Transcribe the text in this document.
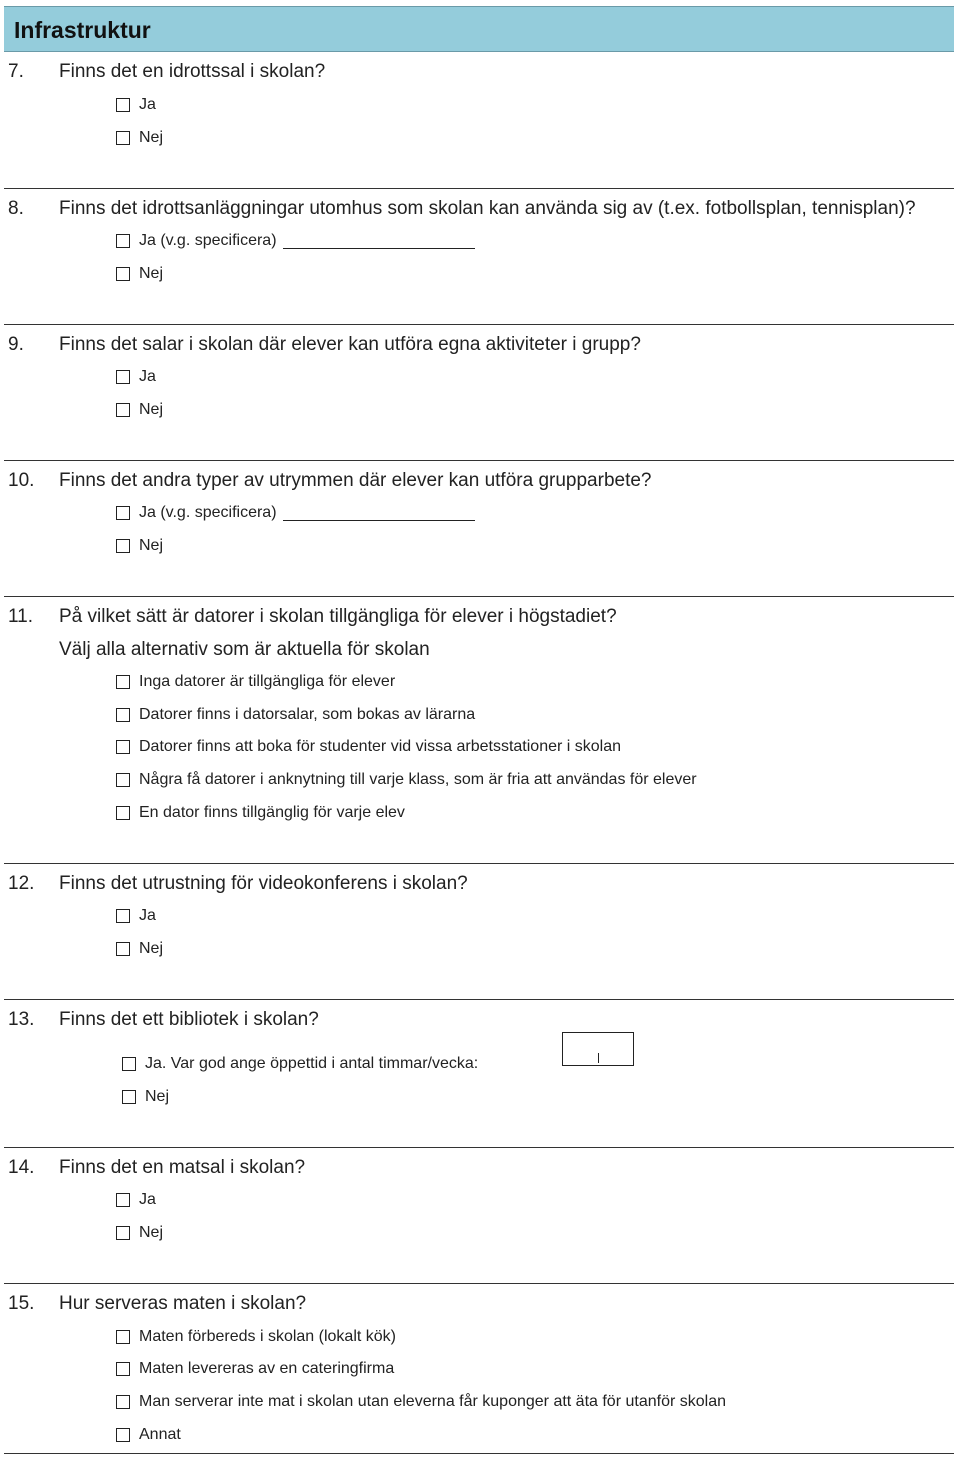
Infrastruktur
7. Finns det en idrottssal i skolan?
Ja
Nej
8. Finns det idrottsanläggningar utomhus som skolan kan använda sig av (t.ex. fotbollsplan, tennisplan)?
Ja (v.g. specificera)
Nej
9. Finns det salar i skolan där elever kan utföra egna aktiviteter i grupp?
Ja
Nej
10. Finns det andra typer av utrymmen där elever kan utföra grupparbete?
Ja (v.g. specificera)
Nej
11. På vilket sätt är datorer i skolan tillgängliga för elever i högstadiet?
Välj alla alternativ som är aktuella för skolan
Inga datorer är tillgängliga för elever
Datorer finns i datorsalar, som bokas av lärarna
Datorer finns att boka för studenter vid vissa arbetsstationer i skolan
Några få datorer i anknytning till varje klass, som är fria att användas för elever
En dator finns tillgänglig för varje elev
12. Finns det utrustning för videokonferens i skolan?
Ja
Nej
13. Finns det ett bibliotek i skolan?
Ja. Var god ange öppettid i antal timmar/vecka:
Nej
14. Finns det en matsal i skolan?
Ja
Nej
15. Hur serveras maten i skolan?
Maten förbereds i skolan (lokalt kök)
Maten levereras av en cateringfirma
Man serverar inte mat i skolan utan eleverna får kuponger att äta för utanför skolan
Annat
